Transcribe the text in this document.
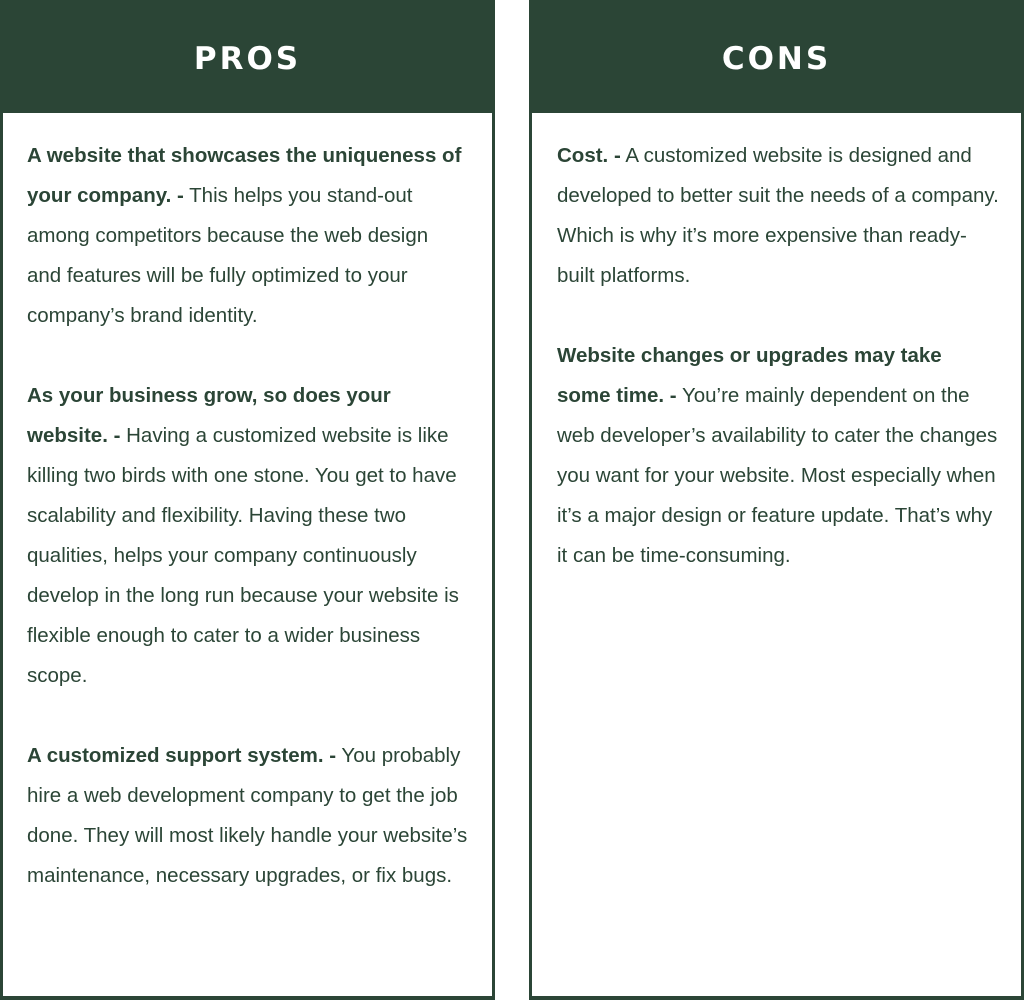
PROS

A website that showcases the uniqueness of your company. - This helps you stand-out among competitors because the web design and features will be fully optimized to your company’s brand identity.

As your business grow, so does your website. - Having a customized website is like killing two birds with one stone. You get to have scalability and flexibility. Having these two qualities, helps your company continuously develop in the long run because your website is flexible enough to cater to a wider business scope.

A customized support system. - You probably hire a web development company to get the job done. They will most likely handle your website’s maintenance, necessary upgrades, or fix bugs.

CONS

Cost. - A customized website is designed and developed to better suit the needs of a company. Which is why it’s more expensive than ready-built platforms.

Website changes or upgrades may take some time. - You’re mainly dependent on the web developer’s availability to cater the changes you want for your website. Most especially when it’s a major design or feature update. That’s why it can be time-consuming.
